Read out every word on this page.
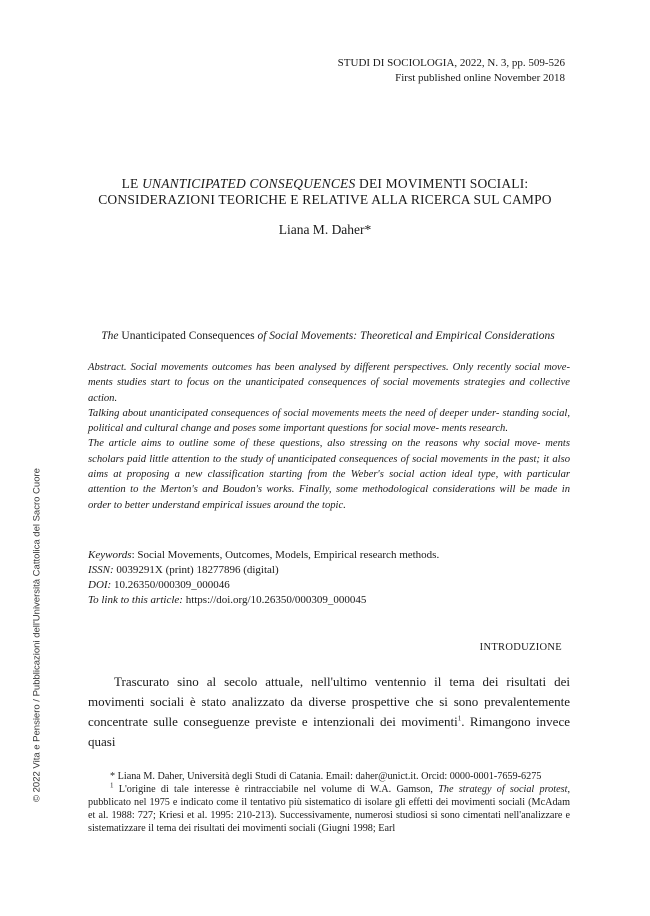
STUDI DI SOCIOLOGIA, 2022, N. 3, pp. 509-526
First published online November 2018
LE UNANTICIPATED CONSEQUENCES DEI MOVIMENTI SOCIALI:
CONSIDERAZIONI TEORICHE E RELATIVE ALLA RICERCA SUL CAMPO
Liana M. Daher*
The Unanticipated Consequences of Social Movements: Theoretical and Empirical Considerations

Abstract. Social movements outcomes has been analysed by different perspectives. Only recently social move- ments studies start to focus on the unanticipated consequences of social movements strategies and collective action.

Talking about unanticipated consequences of social movements meets the need of deeper under- standing social, political and cultural change and poses some important questions for social move- ments research.

The article aims to outline some of these questions, also stressing on the reasons why social move- ments scholars paid little attention to the study of unanticipated consequences of social movements in the past; it also aims at proposing a new classification starting from the Weber's social action ideal type, with particular attention to the Merton's and Boudon's works. Finally, some methodological considerations will be made in order to better understand empirical issues around the topic.

Keywords: Social Movements, Outcomes, Models, Empirical research methods.
ISSN: 0039291X (print) 18277896 (digital)
DOI: 10.26350/000309_000046
To link to this article: https://doi.org/10.26350/000309_000045
INTRODUZIONE

Trascurato sino al secolo attuale, nell'ultimo ventennio il tema dei risultati dei movimenti sociali è stato analizzato da diverse prospettive che si sono prevalentemente concentrate sulle conseguenze previste e intenzionali dei movimenti$^1$. Rimangono invece quasi

* Liana M. Daher, Università degli Studi di Catania. Email: daher@unict.it. Orcid: 0000-0001-7659-6275

$^1$ L'origine di tale interesse è rintracciabile nel volume di W.A. Gamson, The strategy of social protest, pubblicato nel 1975 e indicato come il tentativo più sistematico di isolare gli effetti dei movimenti sociali (McAdam et al. 1988: 727; Kriesi et al. 1995: 210-213). Successivamente, numerosi studiosi si sono cimentati nell'analizzare e sistematizzare il tema dei risultati dei movimenti sociali (Giugni 1998; Earl

© 2022 Vita e Pensiero / Pubblicazioni dell'Università Cattolica del Sacro Cuore
